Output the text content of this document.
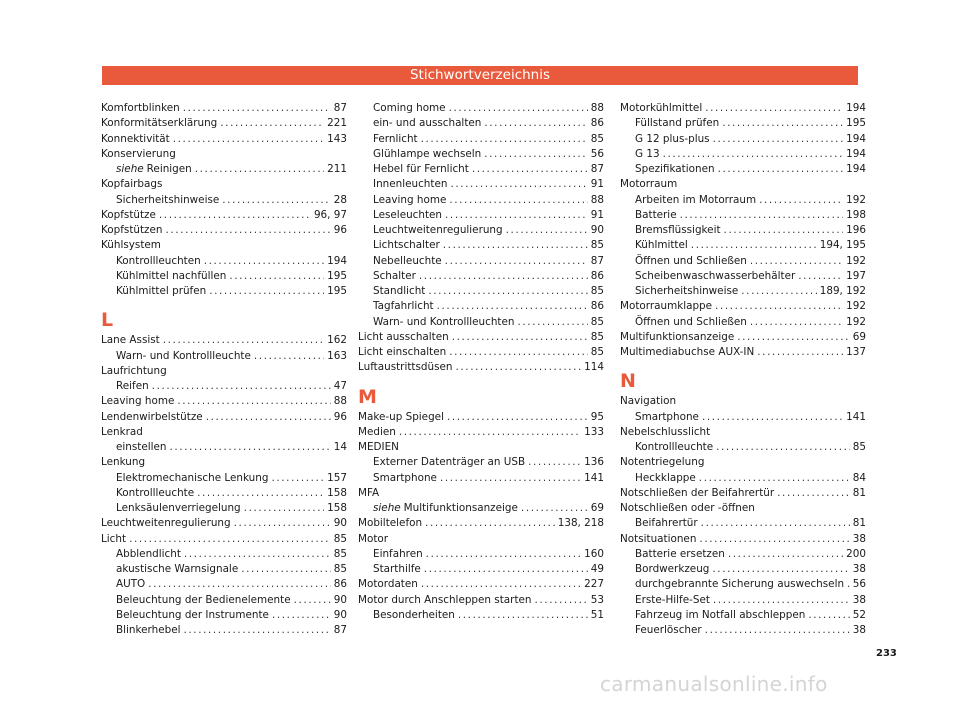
Stichwortverzeichnis
Komfortblinken .....	87
Konformitätserklärung .....	221
Konnektivität .....	143
Konservierung
siehe Reinigen .....	211
Kopfairbags
Sicherheitshinweise .....	28
Kopfstütze .....	96, 97
Kopfstützen .....	96
Kühlsystem
Kontrollleuchten .....	194
Kühlmittel nachfüllen .....	195
Kühlmittel prüfen .....	195
L
Lane Assist .....	162
Warn- und Kontrollleuchte .....	163
Laufrichtung
Reifen .....	47
Leaving home .....	88
Lendenwirbelstütze .....	96
Lenkrad
einstellen .....	14
Lenkung
Elektromechanische Lenkung .....	157
Kontrollleuchte .....	158
Lenksäulenverriegelung .....	158
Leuchtweitenregulierung .....	90
Licht .....	85
Abblendlicht .....	85
akustische Warnsignale .....	85
AUTO .....	86
Beleuchtung der Bedienelemente .....	90
Beleuchtung der Instrumente .....	90
Blinkerhebel .....	87
Coming home .....	88
ein- und ausschalten .....	86
Fernlicht .....	85
Glühlampe wechseln .....	56
Hebel für Fernlicht .....	87
Innenleuchten .....	91
Leaving home .....	88
Leseleuchten .....	91
Leuchtweitenregulierung .....	90
Lichtschalter .....	85
Nebelleuchte .....	87
Schalter .....	86
Standlicht .....	85
Tagfahrlicht .....	86
Warn- und Kontrollleuchten .....	85
Licht ausschalten .....	85
Licht einschalten .....	85
Luftaustrittsdüsen .....	114
M
Make-up Spiegel .....	95
Medien .....	133
MEDIEN
Externer Datenträger an USB .....	136
Smartphone .....	141
MFA
siehe Multifunktionsanzeige .....	69
Mobiltelefon .....	138, 218
Motor
Einfahren .....	160
Starthilfe .....	49
Motordaten .....	227
Motor durch Anschleppen starten .....	53
Besonderheiten .....	51
Motorkühlmittel .....	194
Füllstand prüfen .....	195
G 12 plus-plus .....	194
G 13 .....	194
Spezifikationen .....	194
Motorraum
Arbeiten im Motorraum .....	192
Batterie .....	198
Bremsflüssigkeit .....	196
Kühlmittel .....	194, 195
Öffnen und Schließen .....	192
Scheibenwaschwasserbehälter .....	197
Sicherheitshinweise .....	189, 192
Motorraumklappe .....	192
Öffnen und Schließen .....	192
Multifunktionsanzeige .....	69
Multimediabuchse AUX-IN .....	137
N
Navigation
Smartphone .....	141
Nebelschlusslicht
Kontrollleuchte .....	85
Notentriegelung
Heckklappe .....	84
Notschließen der Beifahrertür .....	81
Notschließen oder -öffnen
Beifahrertür .....	81
Notsituationen .....	38
Batterie ersetzen .....	200
Bordwerkzeug .....	38
durchgebrannte Sicherung auswechseln ..... 56
Erste-Hilfe-Set .....	38
Fahrzeug im Notfall abschleppen .....	52
Feuerlöscher .....	38
233
carmanualsonline.info
